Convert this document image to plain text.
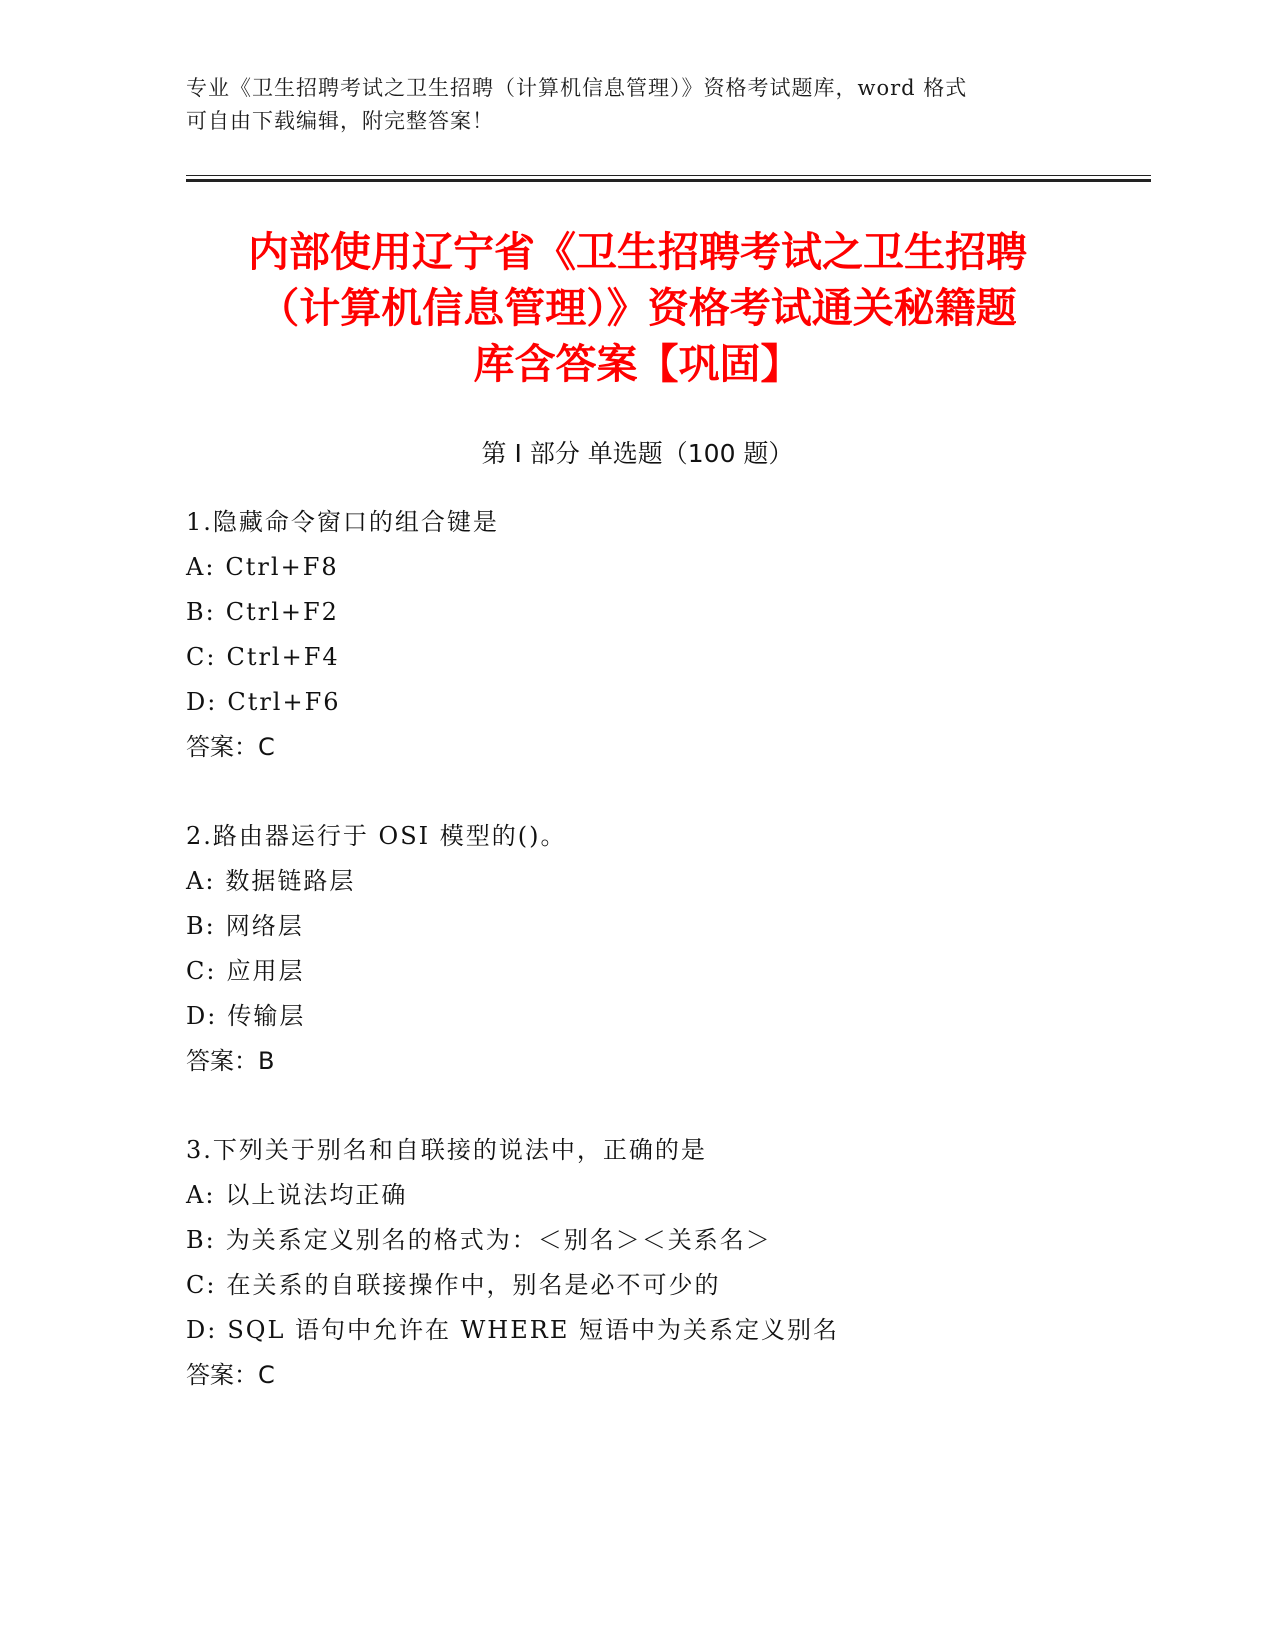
专业《卫生招聘考试之卫生招聘（计算机信息管理）》资格考试题库，word 格式
可自由下载编辑，附完整答案！
内部使用辽宁省《卫生招聘考试之卫生招聘
（计算机信息管理）》资格考试通关秘籍题
库含答案【巩固】
第 I 部分 单选题（100 题）
1.隐藏命令窗口的组合键是
A: Ctrl+F8
B: Ctrl+F2
C: Ctrl+F4
D: Ctrl+F6
答案：C
2.路由器运行于 OSI 模型的()。
A: 数据链路层
B: 网络层
C: 应用层
D: 传输层
答案：B
3.下列关于别名和自联接的说法中，正确的是
A: 以上说法均正确
B: 为关系定义别名的格式为：＜别名＞＜关系名＞
C: 在关系的自联接操作中，别名是必不可少的
D: SQL 语句中允许在 WHERE 短语中为关系定义别名
答案：C
